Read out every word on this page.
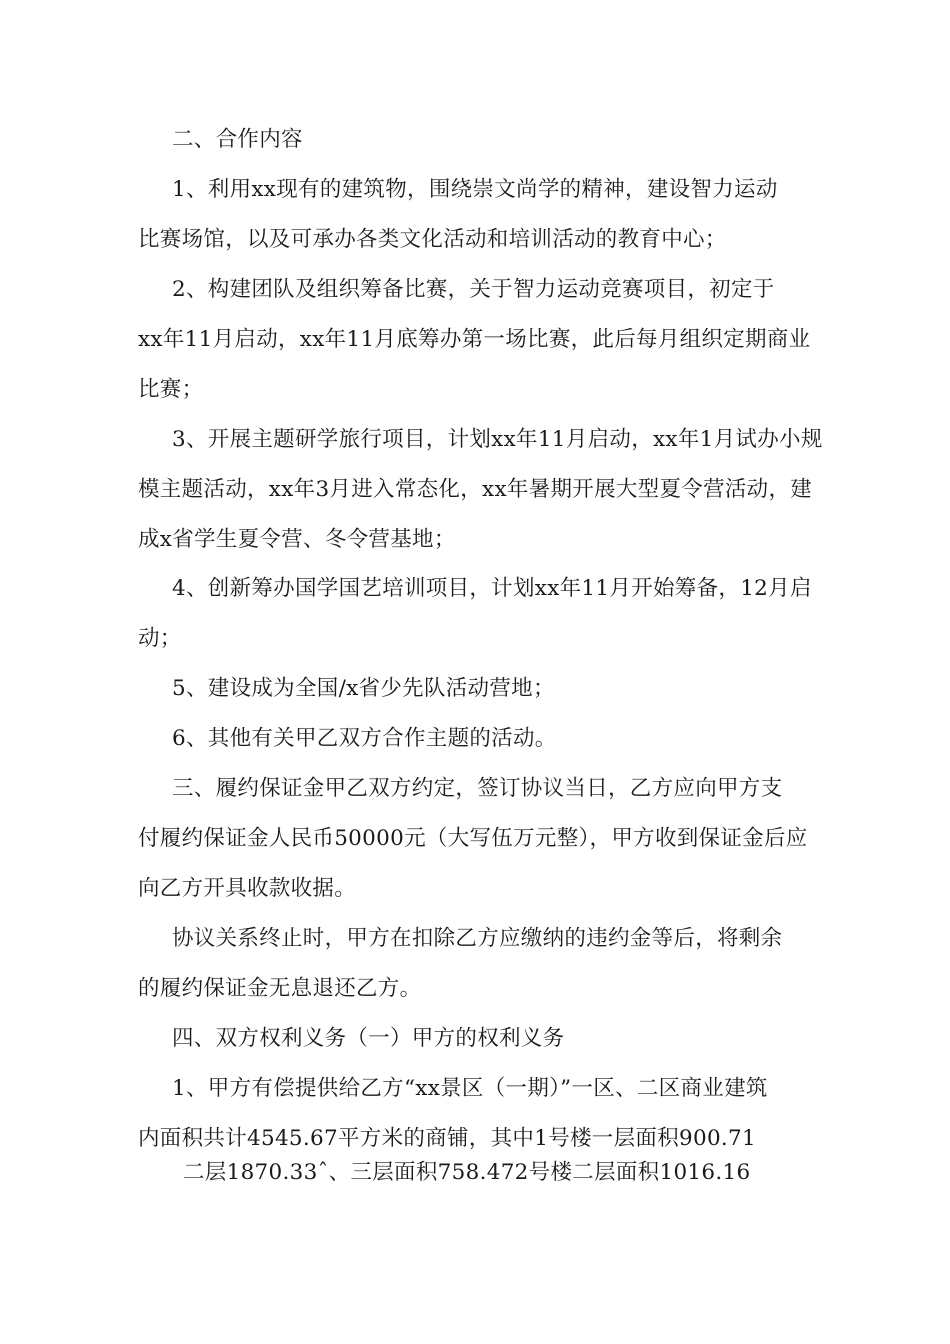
二、合作内容
1、利用xx现有的建筑物，围绕崇文尚学的精神，建设智力运动
比赛场馆，以及可承办各类文化活动和培训活动的教育中心；
2、构建团队及组织筹备比赛，关于智力运动竞赛项目，初定于
xx年11月启动，xx年11月底筹办第一场比赛，此后每月组织定期商业
比赛；
3、开展主题研学旅行项目，计划xx年11月启动，xx年1月试办小规
模主题活动，xx年3月进入常态化，xx年暑期开展大型夏令营活动，建
成x省学生夏令营、冬令营基地；
4、创新筹办国学国艺培训项目，计划xx年11月开始筹备，12月启
动；
5、建设成为全国/x省少先队活动营地；
6、其他有关甲乙双方合作主题的活动。
三、履约保证金甲乙双方约定，签订协议当日，乙方应向甲方支
付履约保证金人民币50000元（大写伍万元整），甲方收到保证金后应
向乙方开具收款收据。
协议关系终止时，甲方在扣除乙方应缴纳的违约金等后，将剩余
的履约保证金无息退还乙方。
四、双方权利义务（一）甲方的权利义务
1、甲方有偿提供给乙方“xx景区（一期）”一区、二区商业建筑
内面积共计4545.67平方米的商铺，其中1号楼一层面积900.71
二层1870.33ˆ、三层面积758.472号楼二层面积1016.16
